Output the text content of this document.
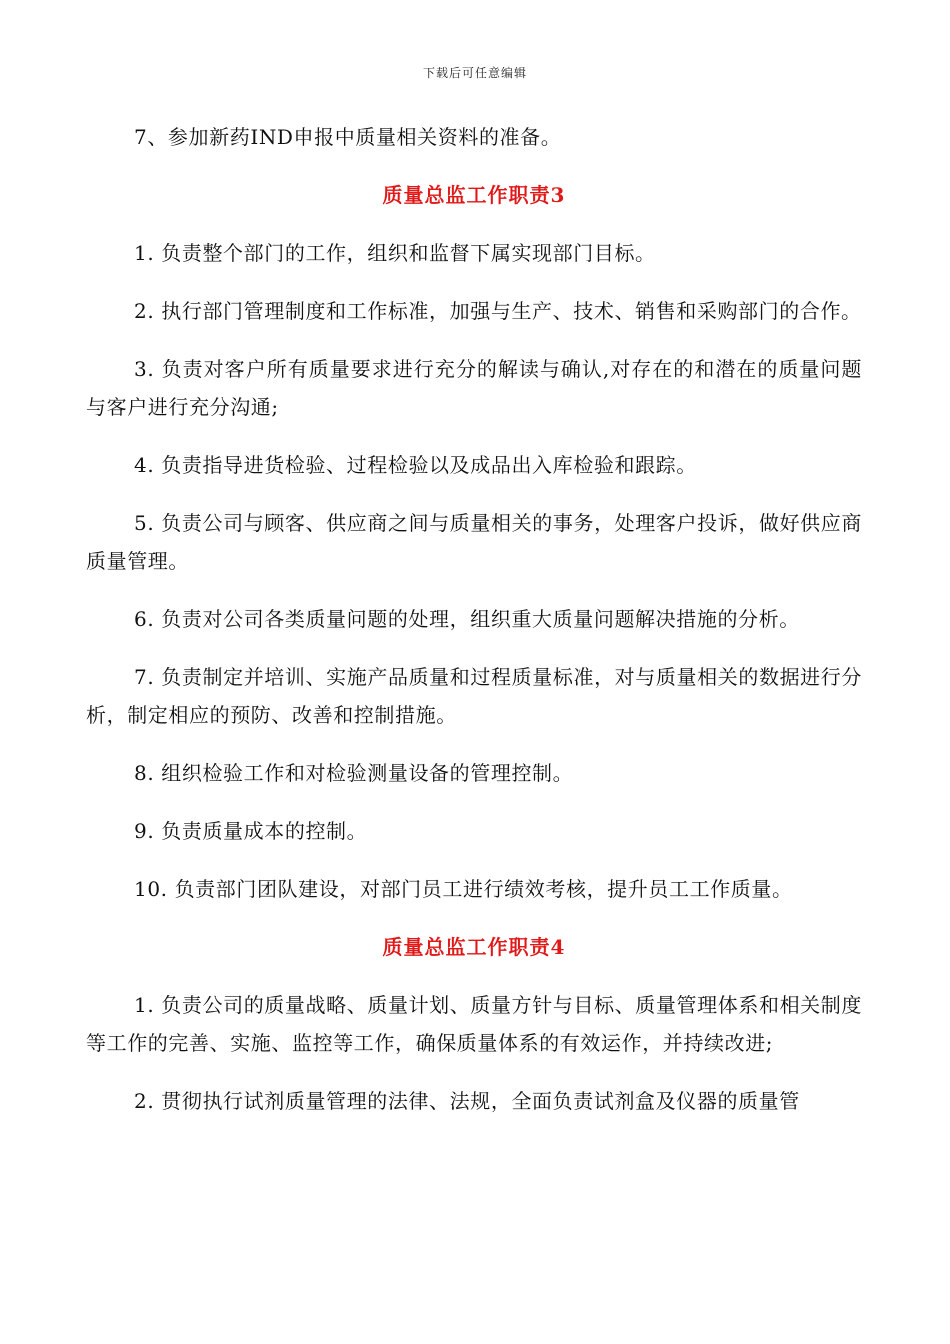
下载后可任意编辑

7、参加新药IND申报中质量相关资料的准备。

质量总监工作职责3

1. 负责整个部门的工作，组织和监督下属实现部门目标。

2. 执行部门管理制度和工作标准，加强与生产、技术、销售和采购部门的合作。

3. 负责对客户所有质量要求进行充分的解读与确认,对存在的和潜在的质量问题与客户进行充分沟通;

4. 负责指导进货检验、过程检验以及成品出入库检验和跟踪。

5. 负责公司与顾客、供应商之间与质量相关的事务，处理客户投诉，做好供应商质量管理。

6. 负责对公司各类质量问题的处理，组织重大质量问题解决措施的分析。

7. 负责制定并培训、实施产品质量和过程质量标准，对与质量相关的数据进行分析，制定相应的预防、改善和控制措施。

8. 组织检验工作和对检验测量设备的管理控制。

9. 负责质量成本的控制。

10. 负责部门团队建设，对部门员工进行绩效考核，提升员工工作质量。

质量总监工作职责4

1. 负责公司的质量战略、质量计划、质量方针与目标、质量管理体系和相关制度等工作的完善、实施、监控等工作，确保质量体系的有效运作，并持续改进;

2. 贯彻执行试剂质量管理的法律、法规，全面负责试剂盒及仪器的质量管
